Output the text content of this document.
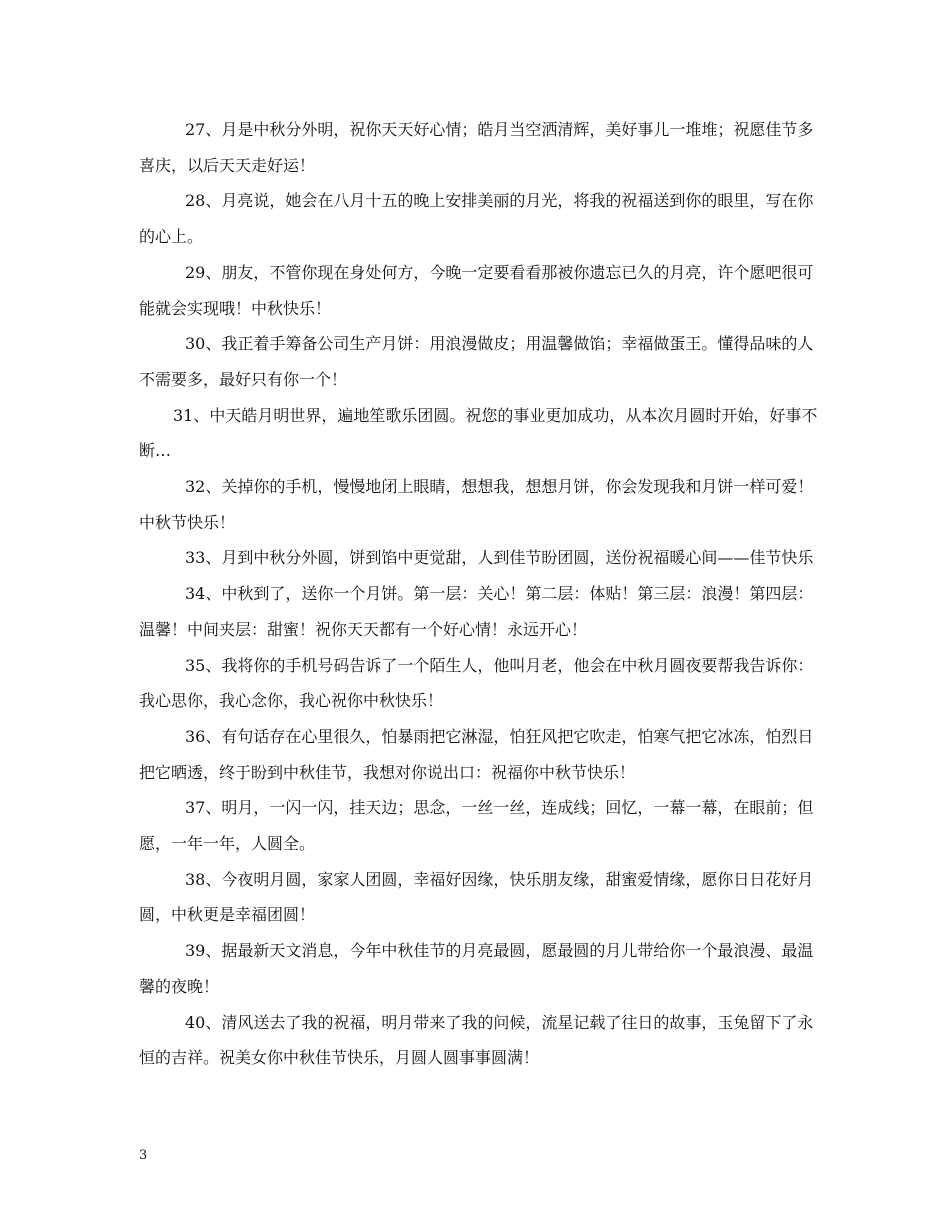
27、月是中秋分外明，祝你天天好心情；皓月当空洒清辉，美好事儿一堆堆；祝愿佳节多喜庆，以后天天走好运！

28、月亮说，她会在八月十五的晚上安排美丽的月光，将我的祝福送到你的眼里，写在你的心上。

29、朋友，不管你现在身处何方，今晚一定要看看那被你遗忘已久的月亮，许个愿吧很可能就会实现哦！中秋快乐！

30、我正着手筹备公司生产月饼：用浪漫做皮；用温馨做馅；幸福做蛋王。懂得品味的人不需要多，最好只有你一个！

31、中天皓月明世界，遍地笙歌乐团圆。祝您的事业更加成功，从本次月圆时开始，好事不断…

32、关掉你的手机，慢慢地闭上眼睛，想想我，想想月饼，你会发现我和月饼一样可爱！中秋节快乐！

33、月到中秋分外圆，饼到馅中更觉甜，人到佳节盼团圆，送份祝福暖心间——佳节快乐

34、中秋到了，送你一个月饼。第一层：关心！第二层：体贴！第三层：浪漫！第四层：温馨！中间夹层：甜蜜！祝你天天都有一个好心情！永远开心！

35、我将你的手机号码告诉了一个陌生人，他叫月老，他会在中秋月圆夜要帮我告诉你：我心思你，我心念你，我心祝你中秋快乐！

36、有句话存在心里很久，怕暴雨把它淋湿，怕狂风把它吹走，怕寒气把它冰冻，怕烈日把它晒透，终于盼到中秋佳节，我想对你说出口：祝福你中秋节快乐！

37、明月，一闪一闪，挂天边；思念，一丝一丝，连成线；回忆，一幕一幕，在眼前；但愿，一年一年，人圆全。

38、今夜明月圆，家家人团圆，幸福好因缘，快乐朋友缘，甜蜜爱情缘，愿你日日花好月圆，中秋更是幸福团圆！

39、据最新天文消息，今年中秋佳节的月亮最圆，愿最圆的月儿带给你一个最浪漫、最温馨的夜晚！

40、清风送去了我的祝福，明月带来了我的问候，流星记载了往日的故事，玉兔留下了永恒的吉祥。祝美女你中秋佳节快乐，月圆人圆事事圆满！

3
